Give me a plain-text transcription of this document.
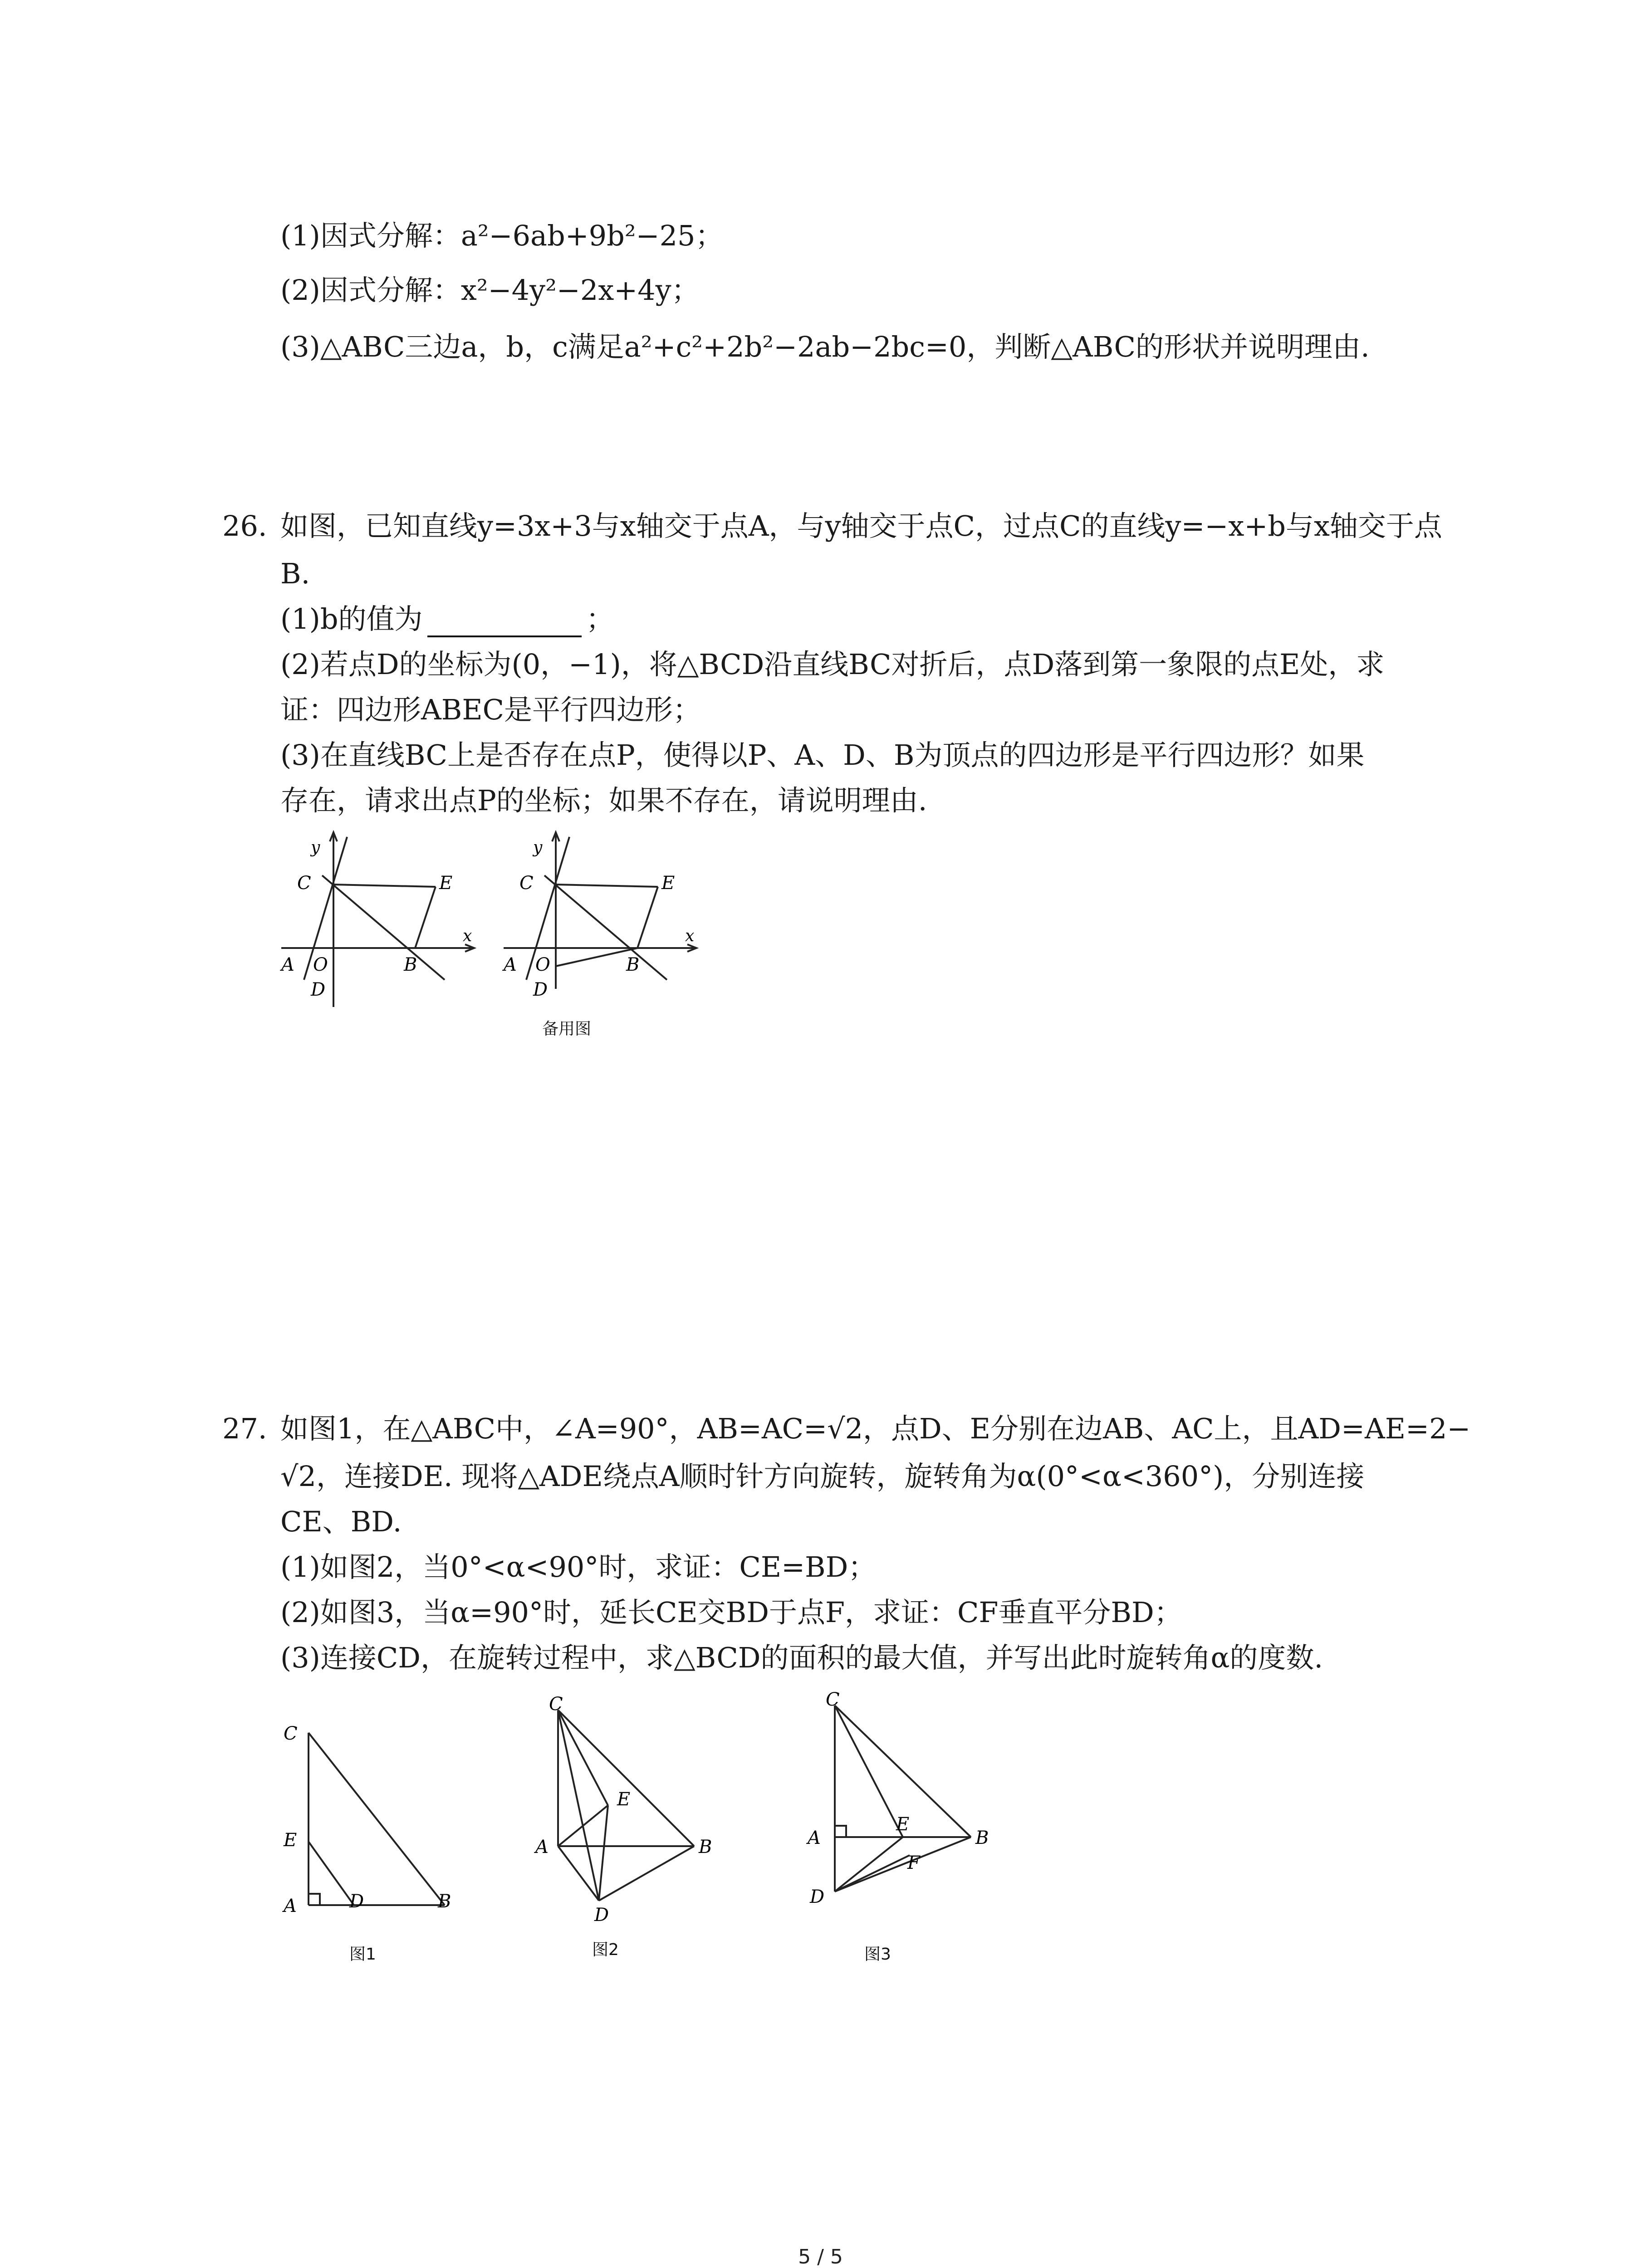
(1)因式分解：a²−6ab+9b²−25；
(2)因式分解：x²−4y²−2x+4y；
(3)△ABC三边a，b，c满足a²+c²+2b²−2ab−2bc=0，判断△ABC的形状并说明理由.
26. 如图，已知直线y=3x+3与x轴交于点A，与y轴交于点C，过点C的直线y=−x+b与x轴交于点
B.
(1)b的值为	；
(2)若点D的坐标为(0，−1)，将△BCD沿直线BC对折后，点D落到第一象限的点E处，求
证：四边形ABEC是平行四边形；
(3)在直线BC上是否存在点P，使得以P、A、D、B为顶点的四边形是平行四边形？如果
存在，请求出点P的坐标；如果不存在，请说明理由.
y
C	E
x
A O	B
D
y
C	E
x
A O	B
D
备用图
27. 如图1，在△ABC中，∠A=90°，AB=AC=√2，点D、E分别在边AB、AC上，且AD=AE=2−
√2，连接DE. 现将△ADE绕点A顺时针方向旋转，旋转角为α(0°<α<360°)，分别连接
CE、BD.
(1)如图2，当0°<α<90°时，求证：CE=BD；
(2)如图3，当α=90°时，延长CE交BD于点F，求证：CF垂直平分BD；
(3)连接CD，在旋转过程中，求△BCD的面积的最大值，并写出此时旋转角α的度数.
C
E
A	D	B
图1
C
E
A	B
D
图2
C
E
A	B
F
D
图3
5 / 5
